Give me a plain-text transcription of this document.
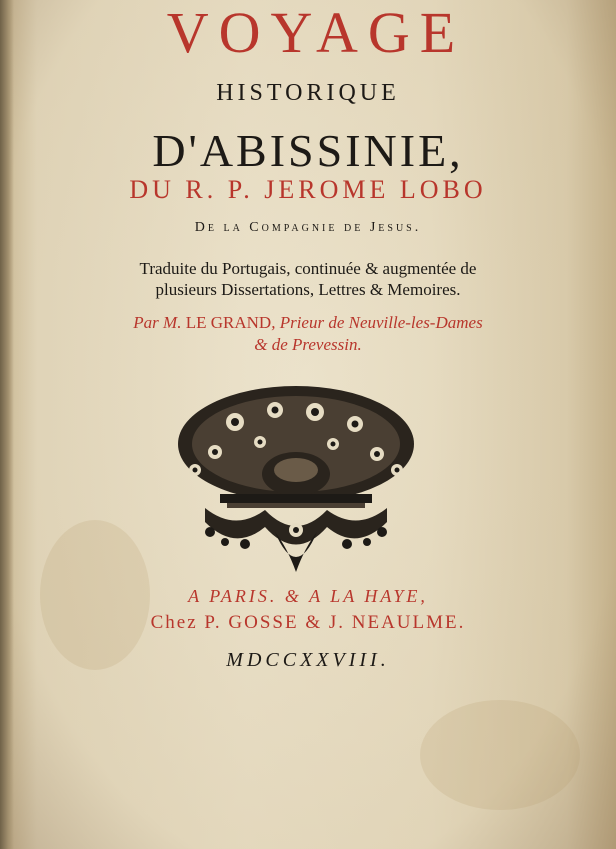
VOYAGE
HISTORIQUE
D'ABISSINIE,
DU R. P. JEROME LOBO
De la Compagnie de Jesus.
Traduite du Portugais, continuée & augmentée de
plusieurs Dissertations, Lettres & Memoires.
Par M. LE GRAND, Prieur de Neuville-les-Dames
& de Prevessin.
A PARIS. & A LA HAYE,
Chez P. GOSSE & J. NEAULME.
MDCCXXVIII.
